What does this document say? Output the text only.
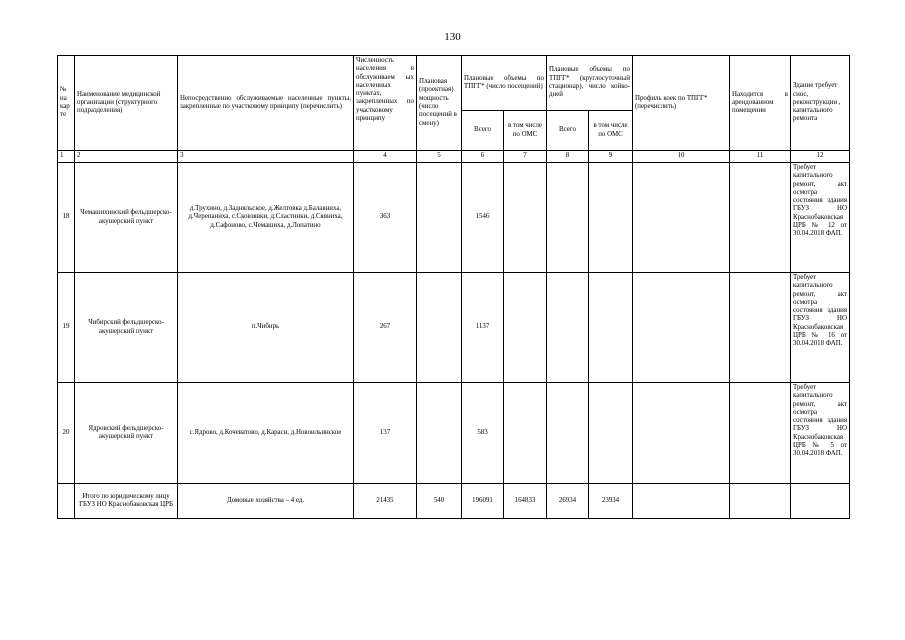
130
№ на кар те	Наименование медицинской организации (структурного подразделения)	Непосредственно обслуживаемые населенные пункты, закрепленные по участковому принципу (перечислить)	Численность населения в обслуживаем ых населенных пунктах, закрепленных по участковому принципу	Плановая (проектная) мощность (число посещений в смену)	Плановые объемы по ТПГГ* (число посещений)		Плановые объемы по ТПГГ* (круглосуточный стационар), число койко-дней		Профиль коек по ТПГГ* (перечислить)	Находится в арендованном помещении	Здание требует снос, реконструкции , капитального ремонта
					Всего	в том числе по ОМС	Всего	в том числе по ОМС			
1	2	3	4	5	6	7	8	9	10	11	12
18	Чемашихинский фельдшерско-акушерский пункт	д.Трухино, д.Задняльское, д.Желтовка д.Балавниха, д.Черепаниха, с.Сковзявки, д.Сластники, д.Сявниха, д.Сафоново, с.Чемашиха, д.Лопатино	363		1546						Требует капитального ремонт, акт осмотра состояния здания ГБУЗ НО Краснобаковская ЦРБ № 12 от 30.04.2018 ФАП.
19	Чибирский фельдшерско-акушерский пункт	п.Чибирь	267		1137						Требует капитального ремонт, акт осмотра состояния здания ГБУЗ НО Краснобаковская ЦРБ № 16 от 30.04.2018 ФАП.
20	Ядровский фельдшерско-акушерский пункт	с.Ядрово, д.Кочеватово, д.Караси, д.Новоильинское	137		583						Требует капитального ремонт, акт осмотра состояния здания ГБУЗ НО Краснобаковская ЦРБ № 5 от 30.04.2018 ФАП.
	Итого по юридическому лицу ГБУЗ НО Краснобаковская ЦРБ	Домовые хозяйства – 4 ед.	21435	540	196091	164833	26934	23934			
